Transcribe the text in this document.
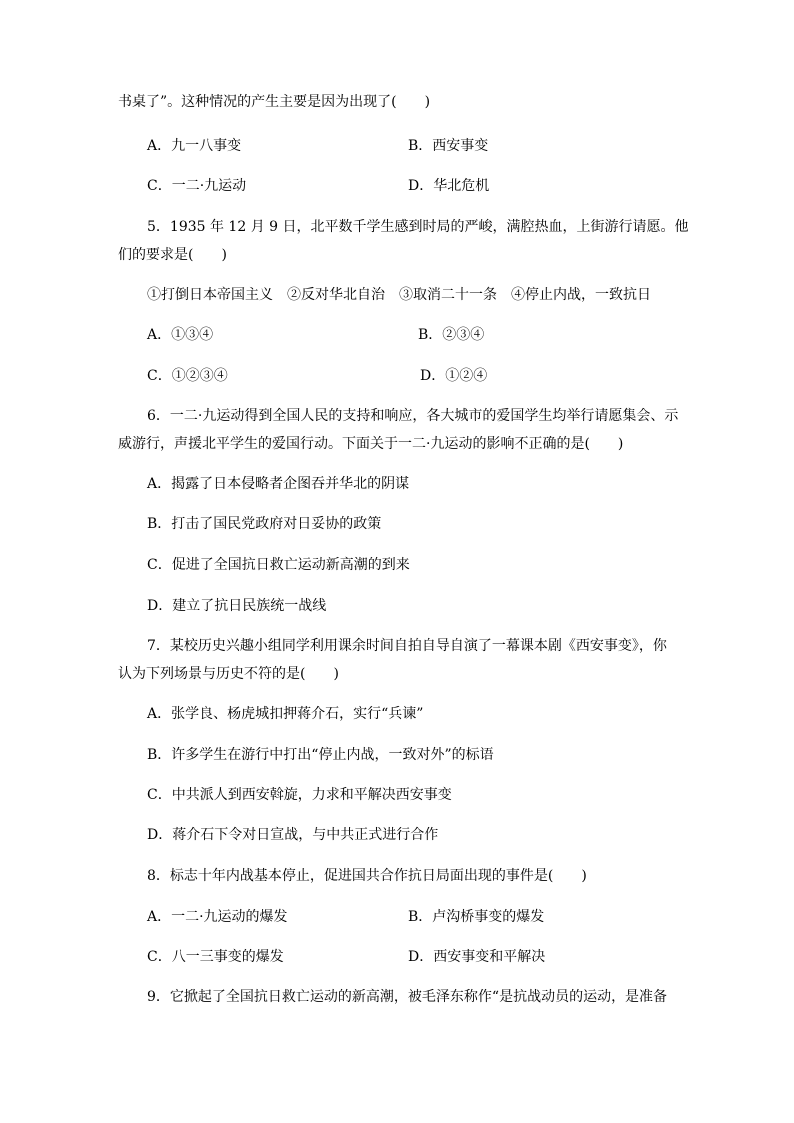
书桌了”。这种情况的产生主要是因为出现了(　　)
A．九一八事变	B．西安事变
C．一二·九运动	D．华北危机
5．1935 年 12 月 9 日，北平数千学生感到时局的严峻，满腔热血，上街游行请愿。他
们的要求是(　　)
①打倒日本帝国主义　②反对华北自治　③取消二十一条　④停止内战，一致抗日
A．①③④	B．②③④
C．①②③④	D．①②④
6．一二·九运动得到全国人民的支持和响应，各大城市的爱国学生均举行请愿集会、示
威游行，声援北平学生的爱国行动。下面关于一二·九运动的影响不正确的是(　　)
A．揭露了日本侵略者企图吞并华北的阴谋
B．打击了国民党政府对日妥协的政策
C．促进了全国抗日救亡运动新高潮的到来
D．建立了抗日民族统一战线
7．某校历史兴趣小组同学利用课余时间自拍自导自演了一幕课本剧《西安事变》，你
认为下列场景与历史不符的是(　　)
A．张学良、杨虎城扣押蒋介石，实行“兵谏”
B．许多学生在游行中打出“停止内战，一致对外”的标语
C．中共派人到西安斡旋，力求和平解决西安事变
D．蒋介石下令对日宣战，与中共正式进行合作
8．标志十年内战基本停止，促进国共合作抗日局面出现的事件是(　　)
A．一二·九运动的爆发	B．卢沟桥事变的爆发
C．八一三事变的爆发	D．西安事变和平解决
9．它掀起了全国抗日救亡运动的新高潮，被毛泽东称作“是抗战动员的运动，是准备
